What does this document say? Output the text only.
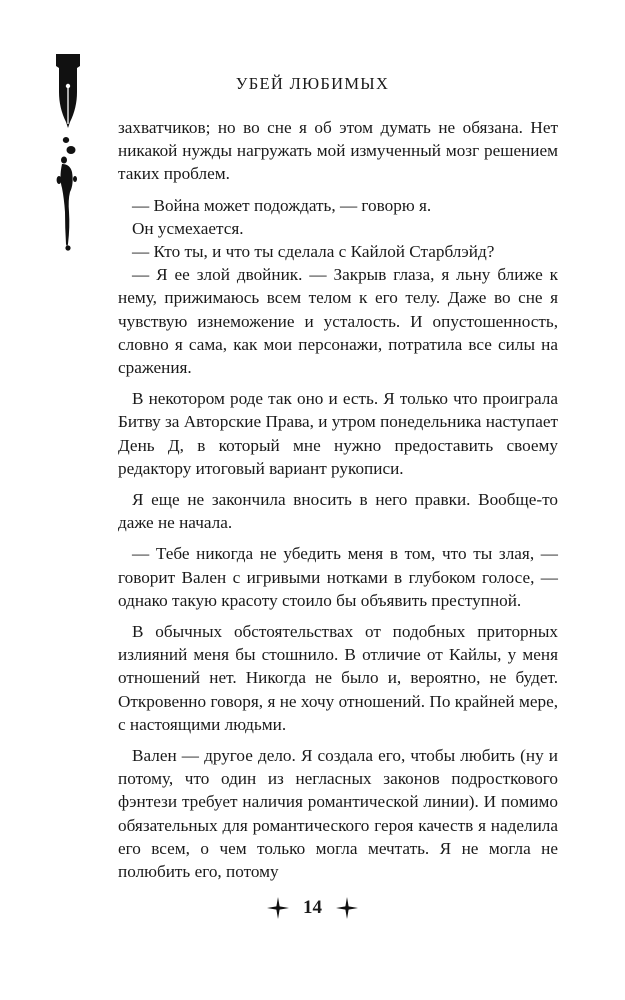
УБЕЙ ЛЮБИМЫХ

захватчиков; но во сне я об этом думать не обязана. Нет никакой нужды нагружать мой измученный мозг решением таких проблем.

— Война может подождать, — говорю я.

Он усмехается.

— Кто ты, и что ты сделала с Кайлой Старблэйд?

— Я ее злой двойник. — Закрыв глаза, я льну ближе к нему, прижимаюсь всем телом к его телу. Даже во сне я чувствую изнеможение и усталость. И опустошенность, словно я сама, как мои персонажи, потратила все силы на сражения.

В некотором роде так оно и есть. Я только что проиграла Битву за Авторские Права, и утром понедельника наступает День Д, в который мне нужно предоставить своему редактору итоговый вариант рукописи.

Я еще не закончила вносить в него правки. Вообще-то даже не начала.

— Тебе никогда не убедить меня в том, что ты злая, — говорит Вален с игривыми нотками в глубоком голосе, — однако такую красоту стоило бы объявить преступной.

В обычных обстоятельствах от подобных приторных излияний меня бы стошнило. В отличие от Кайлы, у меня отношений нет. Никогда не было и, вероятно, не будет. Откровенно говоря, я не хочу отношений. По крайней мере, с настоящими людьми.

Вален — другое дело. Я создала его, чтобы любить (ну и потому, что один из негласных законов подросткового фэнтези требует наличия романтической линии). И помимо обязательных для романтического героя качеств я наделила его всем, о чем только могла мечтать. Я не могла не полюбить его, потому

14
